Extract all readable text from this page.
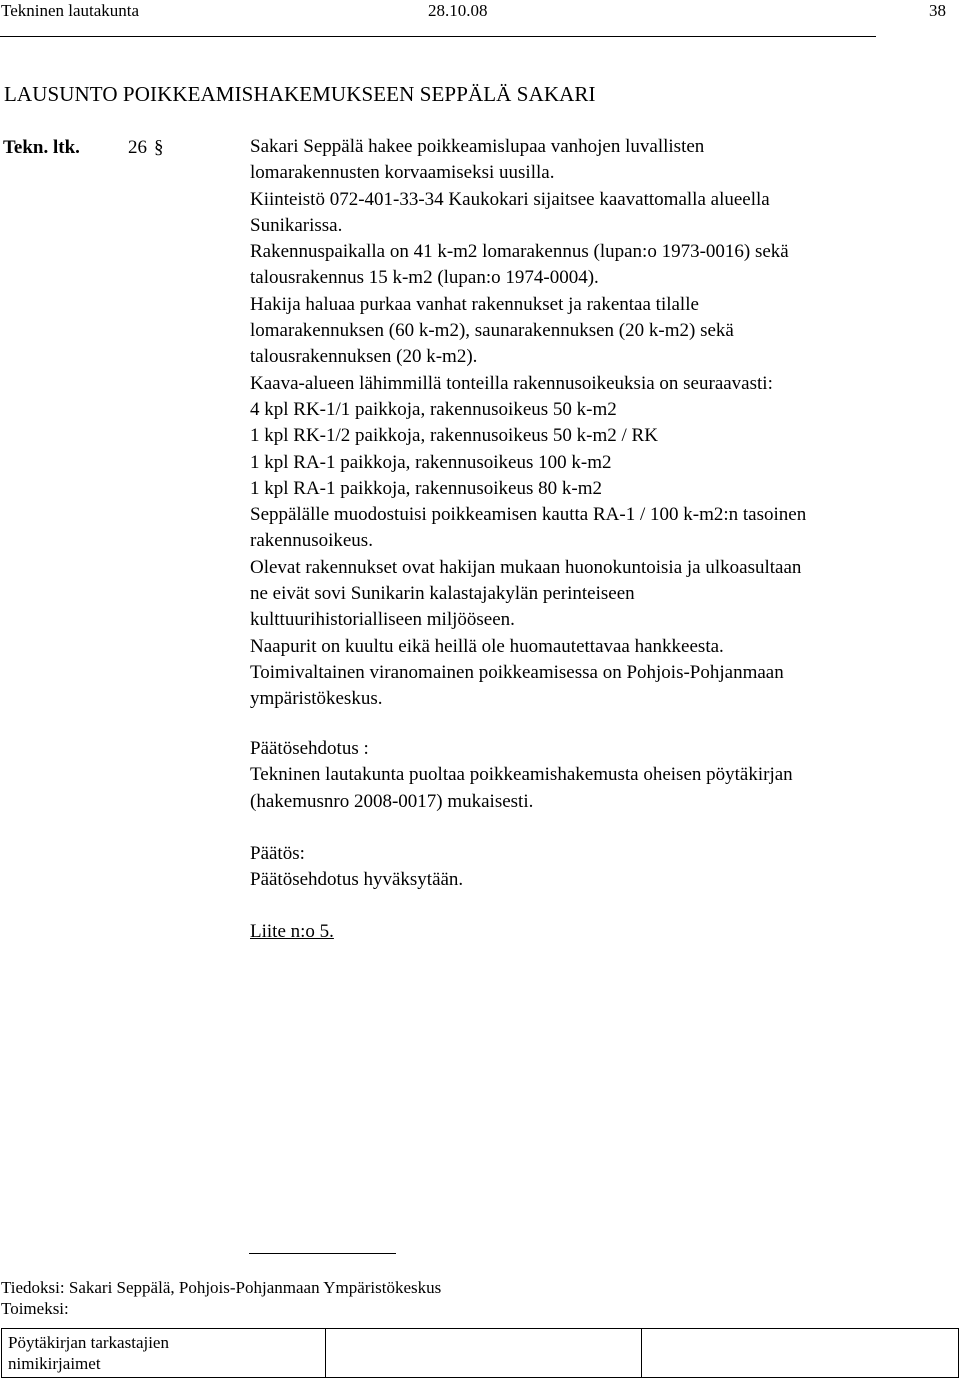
Tekninen lautakunta	28.10.08	38
LAUSUNTO POIKKEAMISHAKEMUKSEEN SEPPÄLÄ SAKARI
Tekn. ltk.	26 §	Sakari Seppälä hakee poikkeamislupaa vanhojen luvallisten

lomarakennusten korvaamiseksi uusilla.

Kiinteistö 072-401-33-34 Kaukokari sijaitsee kaavattomalla alueella

Sunikarissa.

Rakennuspaikalla on 41 k-m2 lomarakennus (lupan:o 1973-0016) sekä

talousrakennus 15 k-m2 (lupan:o 1974-0004).

Hakija haluaa purkaa vanhat rakennukset ja rakentaa tilalle

lomarakennuksen (60 k-m2), saunarakennuksen (20 k-m2) sekä

talousrakennuksen (20 k-m2).

Kaava-alueen lähimmillä tonteilla rakennusoikeuksia on seuraavasti:

4 kpl RK-1/1 paikkoja, rakennusoikeus 50 k-m2

1 kpl RK-1/2 paikkoja, rakennusoikeus 50 k-m2 / RK

1 kpl RA-1 paikkoja, rakennusoikeus 100 k-m2

1 kpl RA-1 paikkoja, rakennusoikeus 80 k-m2

Seppälälle muodostuisi poikkeamisen kautta RA-1 / 100 k-m2:n tasoinen

rakennusoikeus.

Olevat rakennukset ovat hakijan mukaan huonokuntoisia ja ulkoasultaan

ne eivät sovi Sunikarin kalastajakylän perinteiseen

kulttuurihistorialliseen miljööseen.

Naapurit on kuultu eikä heillä ole huomautettavaa hankkeesta.

Toimivaltainen viranomainen poikkeamisessa on Pohjois-Pohjanmaan

ympäristökeskus.

Päätösehdotus :

Tekninen lautakunta puoltaa poikkeamishakemusta oheisen pöytäkirjan

(hakemusnro 2008-0017) mukaisesti.

Päätös:

Päätösehdotus hyväksytään.

Liite n:o 5.

Tiedoksi: Sakari Seppälä, Pohjois-Pohjanmaan Ympäristökeskus
Toimeksi:
Pöytäkirjan tarkastajien
nimikirjaimet
